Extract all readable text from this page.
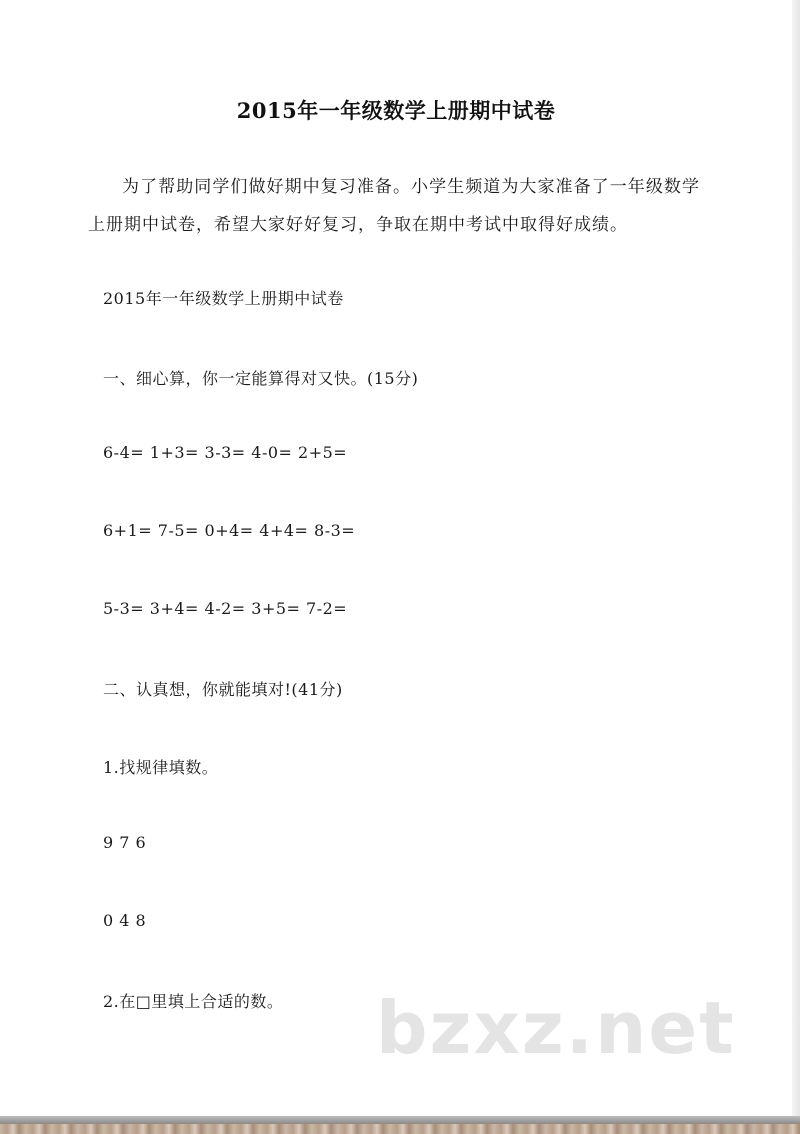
2015年一年级数学上册期中试卷

为了帮助同学们做好期中复习准备。小学生频道为大家准备了一年级数学上册期中试卷，希望大家好好复习，争取在期中考试中取得好成绩。

2015年一年级数学上册期中试卷

一、细心算，你一定能算得对又快。(15分)

6-4= 1+3= 3-3= 4-0= 2+5=

6+1= 7-5= 0+4= 4+4= 8-3=

5-3= 3+4= 4-2= 3+5= 7-2=

二、认真想，你就能填对!(41分)

1.找规律填数。

9 7 6

0 4 8

2.在□里填上合适的数。 bzxz.net
